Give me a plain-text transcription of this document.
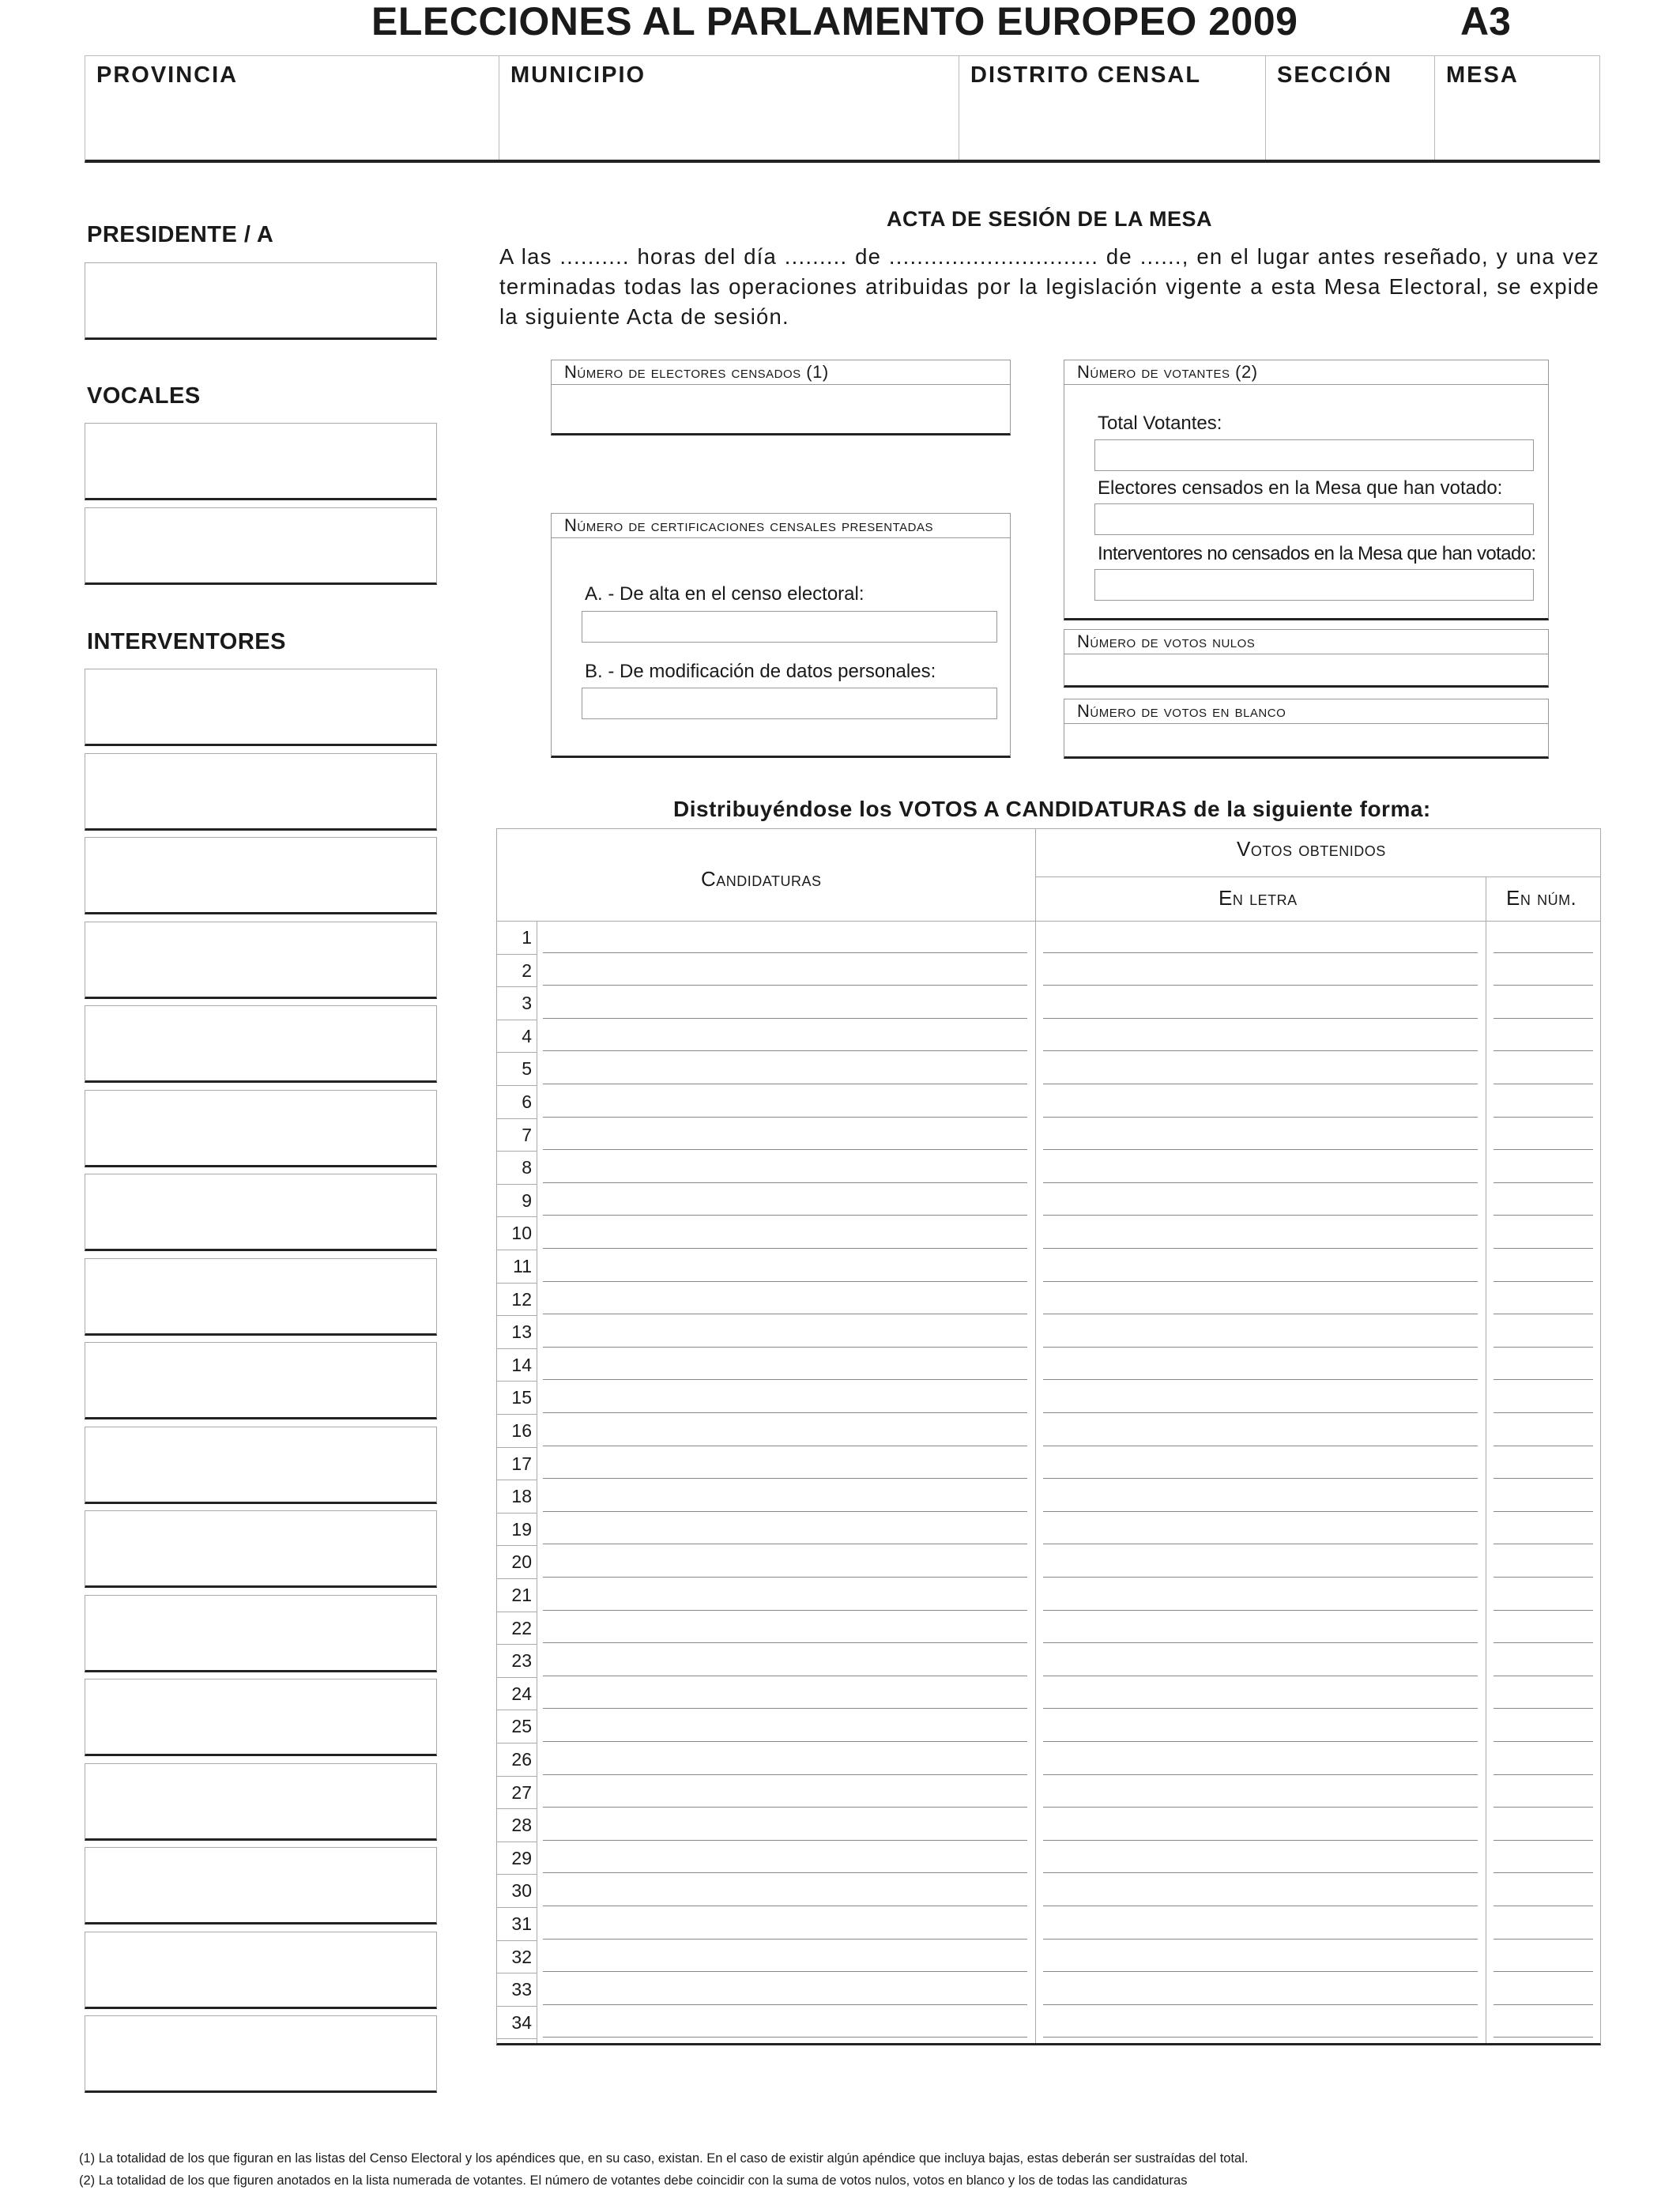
ELECCIONES AL PARLAMENTO EUROPEO 2009	A3
PROVINCIA	MUNICIPIO	DISTRITO CENSAL	SECCIÓN	MESA
PRESIDENTE / A
VOCALES
INTERVENTORES
ACTA DE SESIÓN DE LA MESA
A las .......... horas del día ......... de .............................. de ......, en el lugar antes reseñado, y una vez terminadas todas las operaciones atribuidas por la legislación vigente a esta Mesa Electoral, se expide la siguiente Acta de sesión.
Número de electores censados (1)
Número de certificaciones censales presentadas
A. - De alta en el censo electoral:
B. - De modificación de datos personales:
Número de votantes (2)
Total Votantes:
Electores censados en la Mesa que han votado:
Interventores no censados en la Mesa que han votado:
Número de votos nulos
Número de votos en blanco
Distribuyéndose los VOTOS A CANDIDATURAS de la siguiente forma:
Candidaturas
Votos obtenidos
En letra	En núm.
1
2
3
4
5
6
7
8
9
10
11
12
13
14
15
16
17
18
19
20
21
22
23
24
25
26
27
28
29
30
31
32
33
34
(1) La totalidad de los que figuran en las listas del Censo Electoral y los apéndices que, en su caso, existan. En el caso de existir algún apéndice que incluya bajas, estas deberán ser sustraídas del total.
(2) La totalidad de los que figuren anotados en la lista numerada de votantes. El número de votantes debe coincidir con la suma de votos nulos, votos en blanco y los de todas las candidaturas
